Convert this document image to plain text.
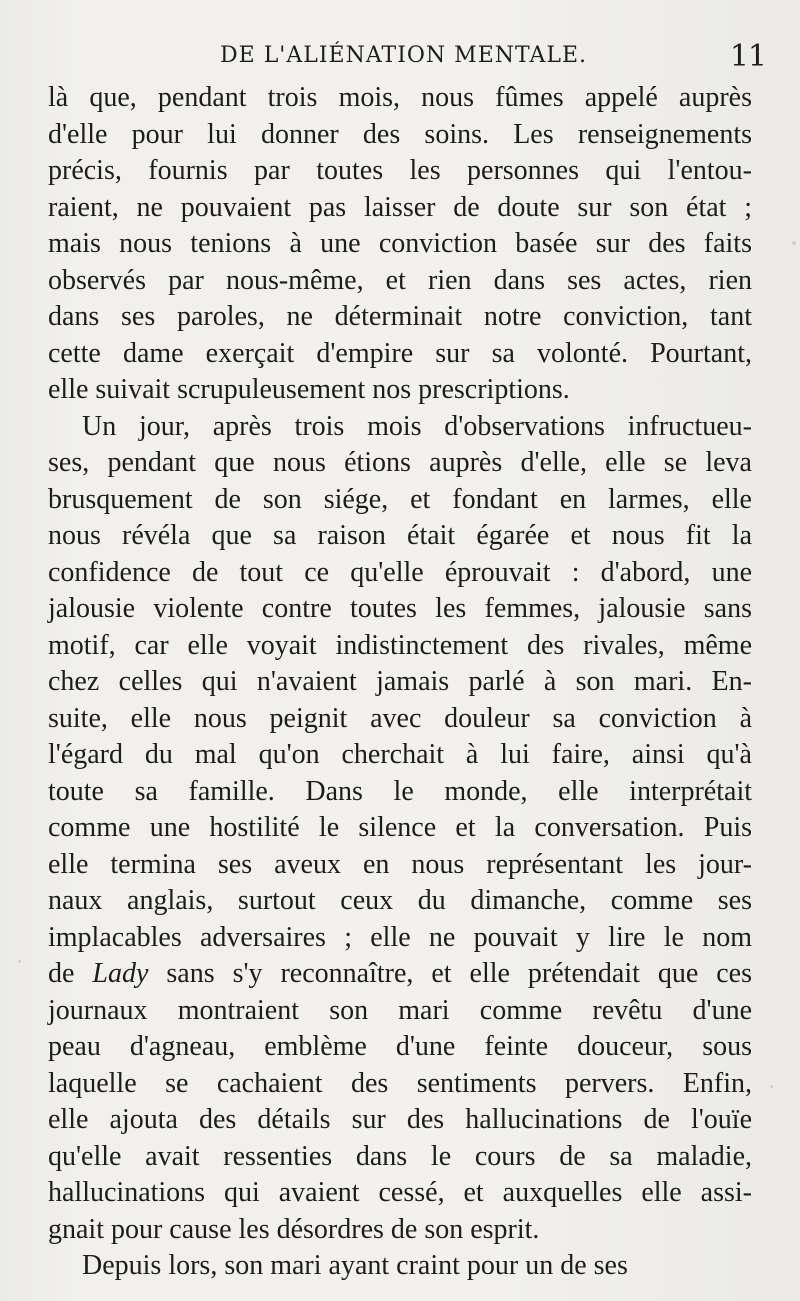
DE L'ALIÉNATION MENTALE.	11
là que, pendant trois mois, nous fûmes appelé auprès
d'elle pour lui donner des soins. Les renseignements
précis, fournis par toutes les personnes qui l'entou-
raient, ne pouvaient pas laisser de doute sur son état ;
mais nous tenions à une conviction basée sur des faits
observés par nous-même, et rien dans ses actes, rien
dans ses paroles, ne déterminait notre conviction, tant
cette dame exerçait d'empire sur sa volonté. Pourtant,
elle suivait scrupuleusement nos prescriptions.
Un jour, après trois mois d'observations infructueu-
ses, pendant que nous étions auprès d'elle, elle se leva
brusquement de son siége, et fondant en larmes, elle
nous révéla que sa raison était égarée et nous fit la
confidence de tout ce qu'elle éprouvait : d'abord, une
jalousie violente contre toutes les femmes, jalousie sans
motif, car elle voyait indistinctement des rivales, même
chez celles qui n'avaient jamais parlé à son mari. En-
suite, elle nous peignit avec douleur sa conviction à
l'égard du mal qu'on cherchait à lui faire, ainsi qu'à
toute sa famille. Dans le monde, elle interprétait
comme une hostilité le silence et la conversation. Puis
elle termina ses aveux en nous représentant les jour-
naux anglais, surtout ceux du dimanche, comme ses
implacables adversaires ; elle ne pouvait y lire le nom
de Lady sans s'y reconnaître, et elle prétendait que ces
journaux montraient son mari comme revêtu d'une
peau d'agneau, emblème d'une feinte douceur, sous
laquelle se cachaient des sentiments pervers. Enfin,
elle ajouta des détails sur des hallucinations de l'ouïe
qu'elle avait ressenties dans le cours de sa maladie,
hallucinations qui avaient cessé, et auxquelles elle assi-
gnait pour cause les désordres de son esprit.
Depuis lors, son mari ayant craint pour un de ses
